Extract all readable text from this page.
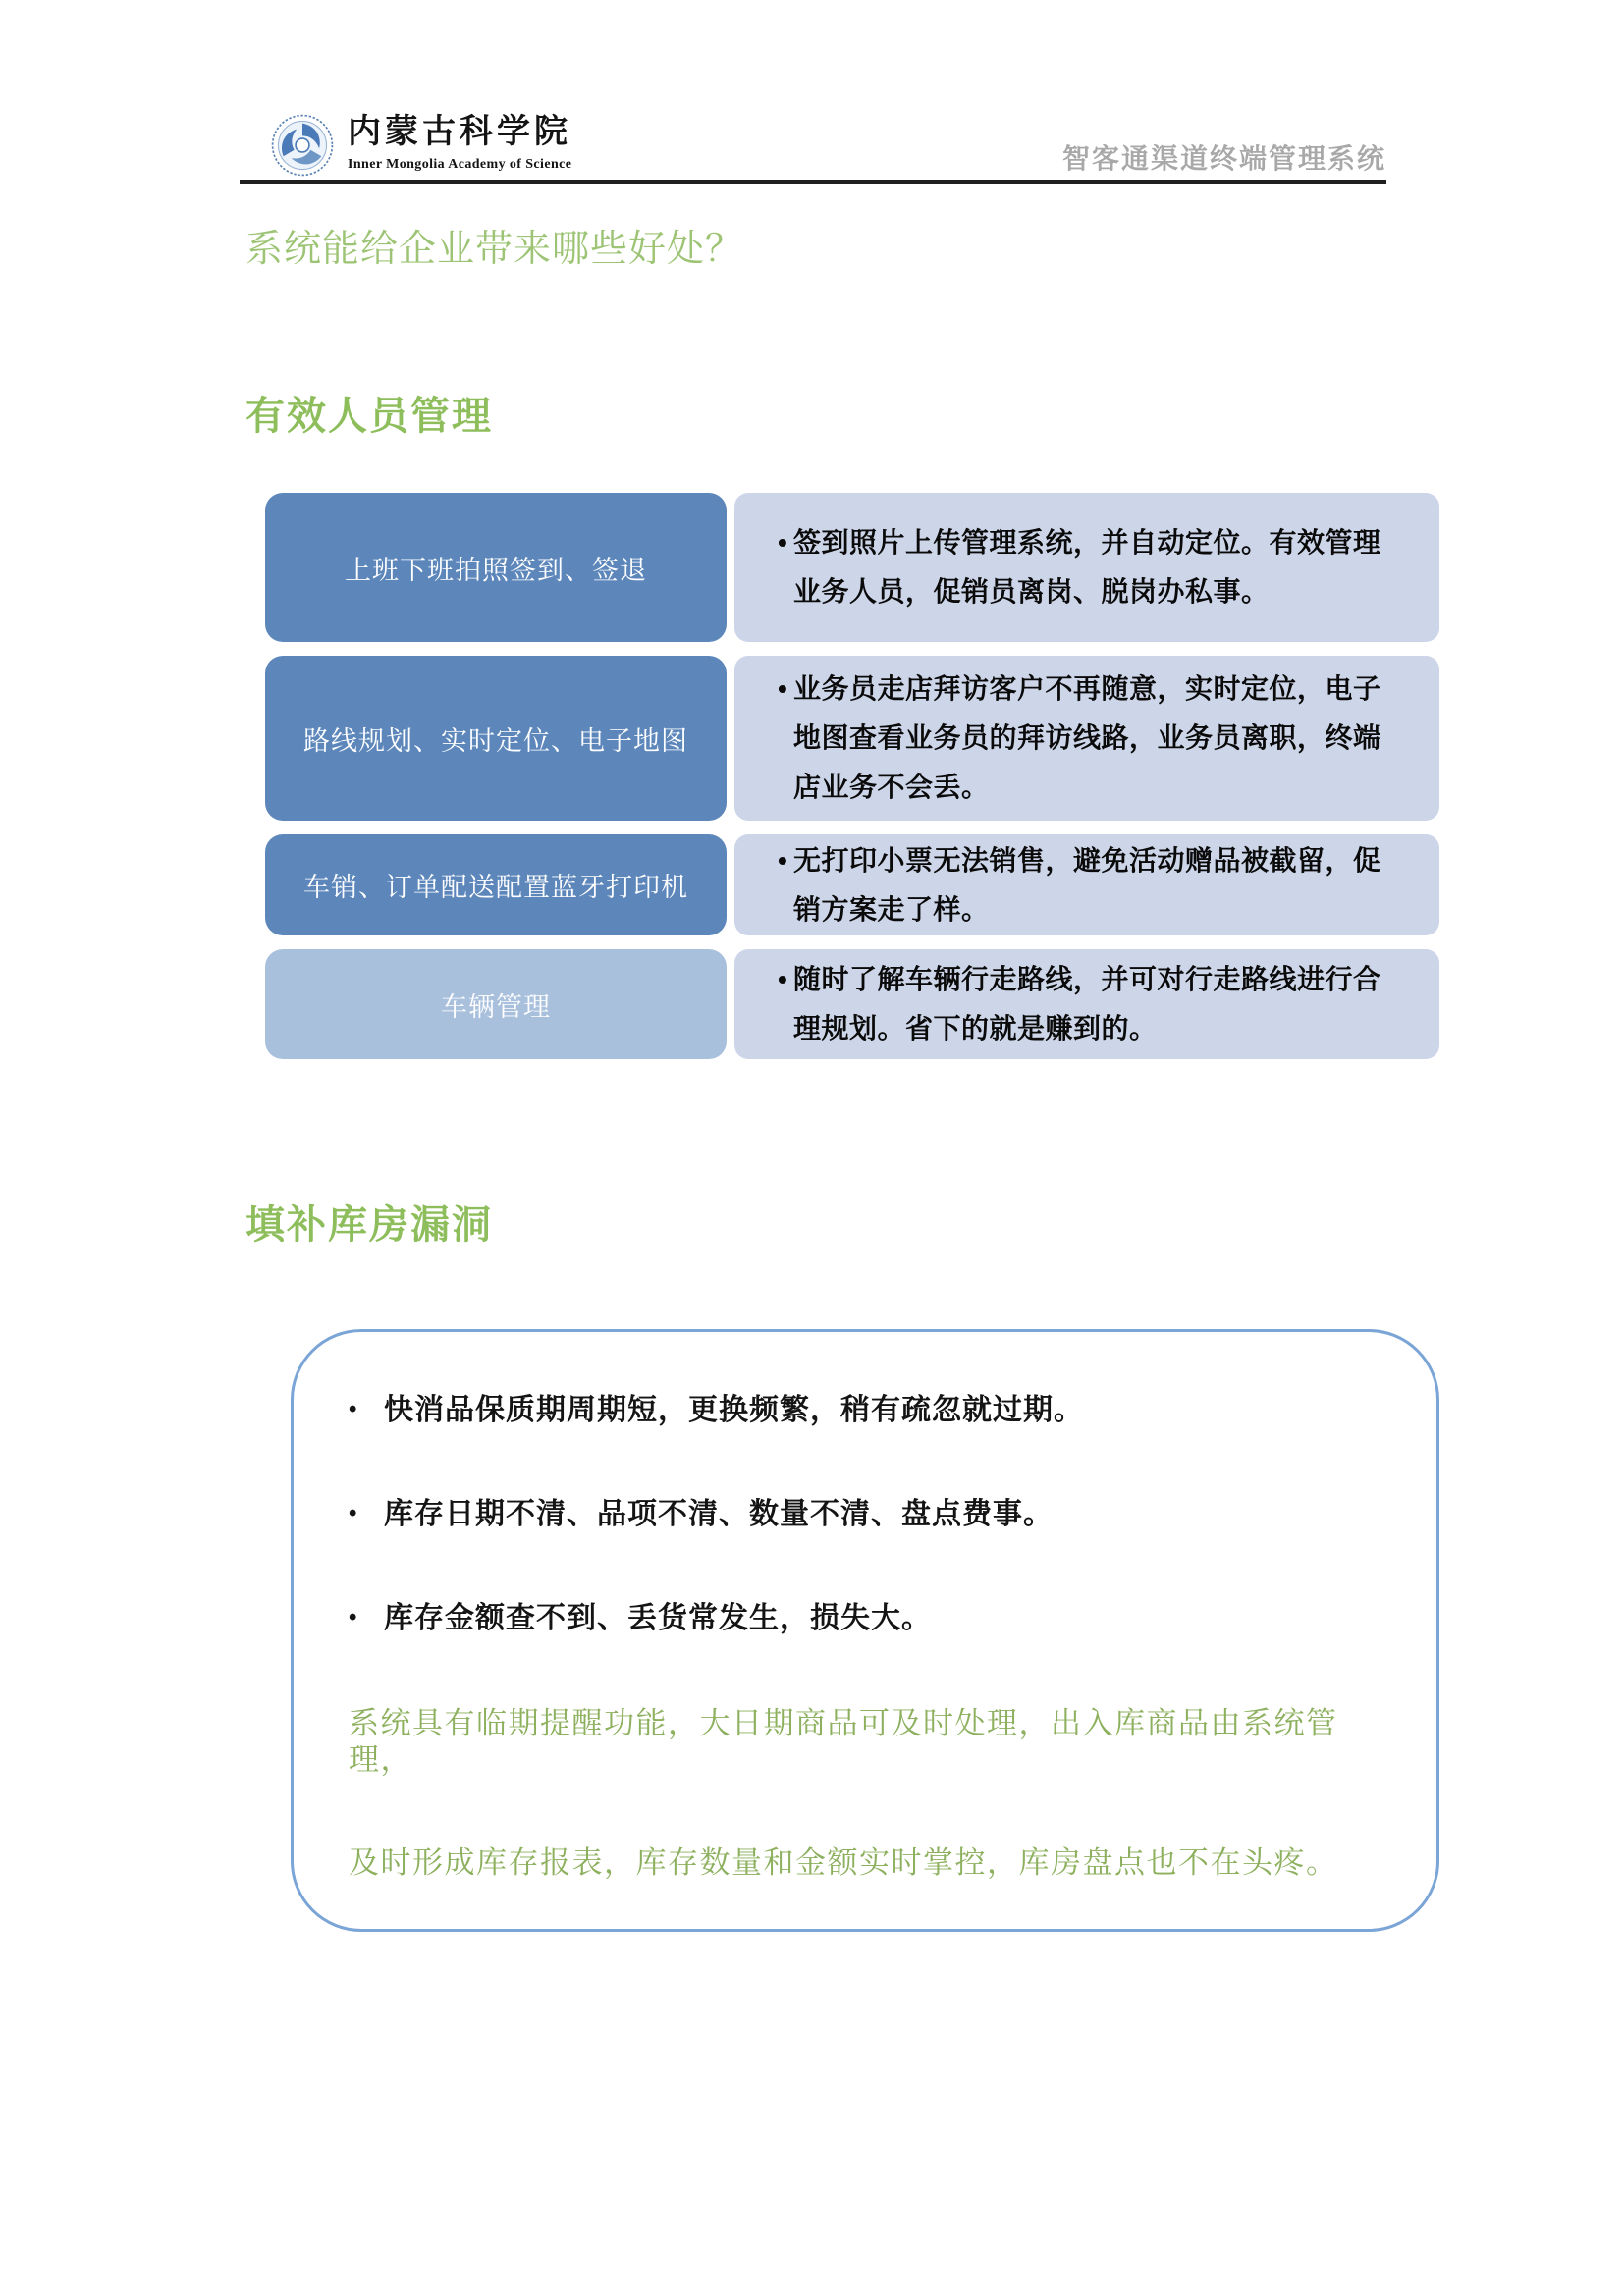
内蒙古科学院
Inner Mongolia Academy of Science	智客通渠道终端管理系统
系统能给企业带来哪些好处？
有效人员管理
上班下班拍照签到、签退
• 签到照片上传管理系统，并自动定位。有效管理业务人员，促销员离岗、脱岗办私事。
路线规划、实时定位、电子地图
• 业务员走店拜访客户不再随意，实时定位，电子地图查看业务员的拜访线路，业务员离职，终端店业务不会丢。
车销、订单配送配置蓝牙打印机
• 无打印小票无法销售，避免活动赠品被截留，促销方案走了样。
车辆管理
• 随时了解车辆行走路线，并可对行走路线进行合理规划。省下的就是赚到的。
填补库房漏洞
• 快消品保质期周期短，更换频繁，稍有疏忽就过期。
• 库存日期不清、品项不清、数量不清、盘点费事。
• 库存金额查不到、丢货常发生，损失大。
系统具有临期提醒功能，大日期商品可及时处理，出入库商品由系统管理，
及时形成库存报表，库存数量和金额实时掌控，库房盘点也不在头疼。
